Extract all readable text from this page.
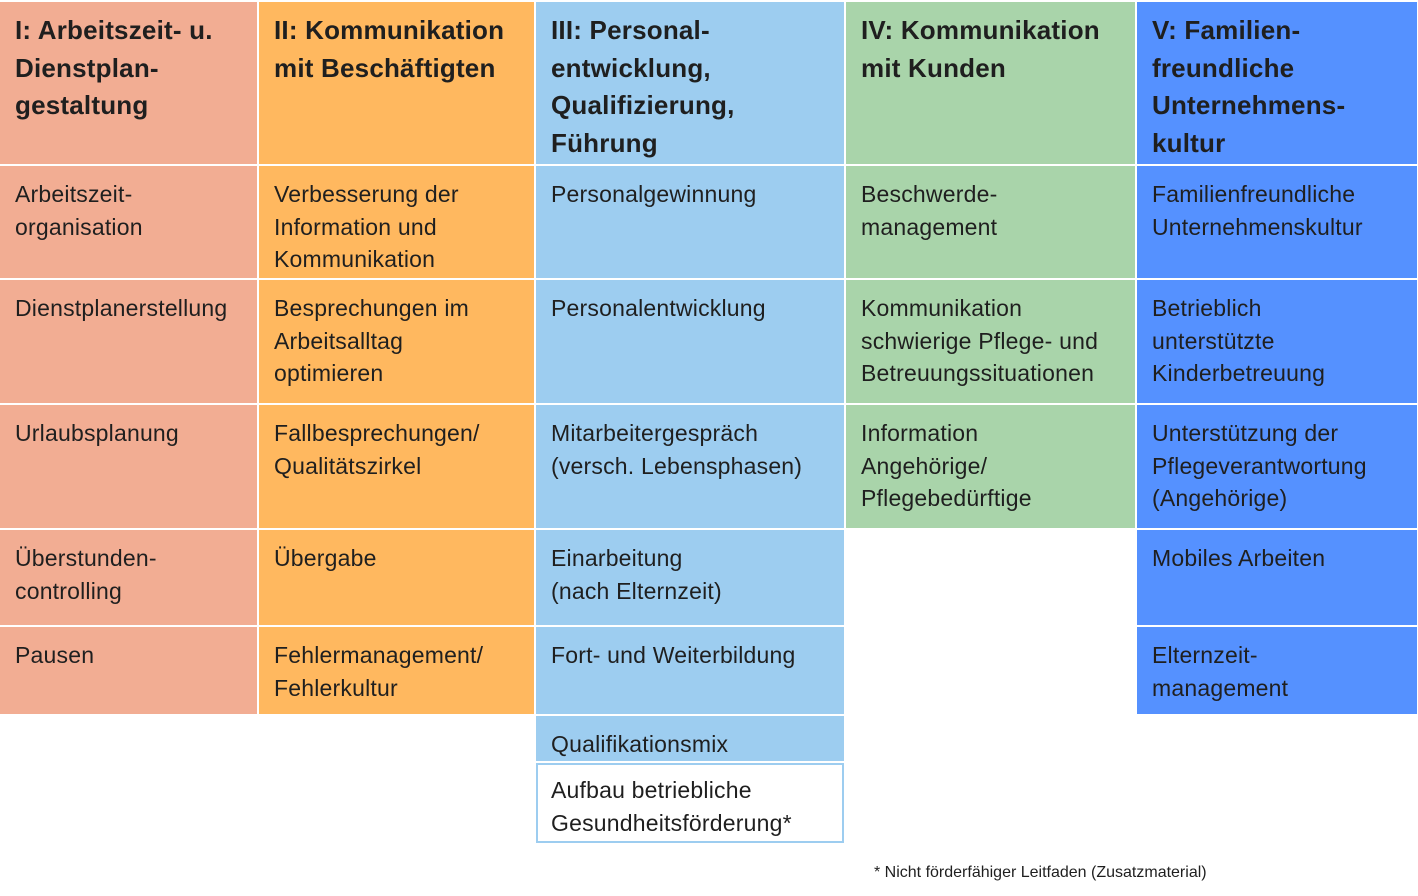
I: Arbeitszeit- u.
Dienstplan-
gestaltung
II: Kommunikation
mit Beschäftigten
III: Personal-
entwicklung,
Qualifizierung,
Führung
IV: Kommunikation
mit Kunden
V: Familien-
freundliche
Unternehmens-
kultur
Arbeitszeit-
organisation
Dienstplanerstellung
Urlaubsplanung
Überstunden-
controlling
Pausen
Verbesserung der
Information und
Kommunikation
Besprechungen im
Arbeitsalltag
optimieren
Fallbesprechungen/
Qualitätszirkel
Übergabe
Fehlermanagement/
Fehlerkultur
Personalgewinnung
Personalentwicklung
Mitarbeitergespräch
(versch. Lebensphasen)
Einarbeitung
(nach Elternzeit)
Fort- und Weiterbildung
Qualifikationsmix
Aufbau betriebliche
Gesundheitsförderung*
Beschwerde-
management
Kommunikation
schwierige Pflege- und
Betreuungssituationen
Information
Angehörige/
Pflegebedürftige
Familienfreundliche
Unternehmenskultur
Betrieblich
unterstützte
Kinderbetreuung
Unterstützung der
Pflegeverantwortung
(Angehörige)
Mobiles Arbeiten
Elternzeit-
management
* Nicht förderfähiger Leitfaden (Zusatzmaterial)
